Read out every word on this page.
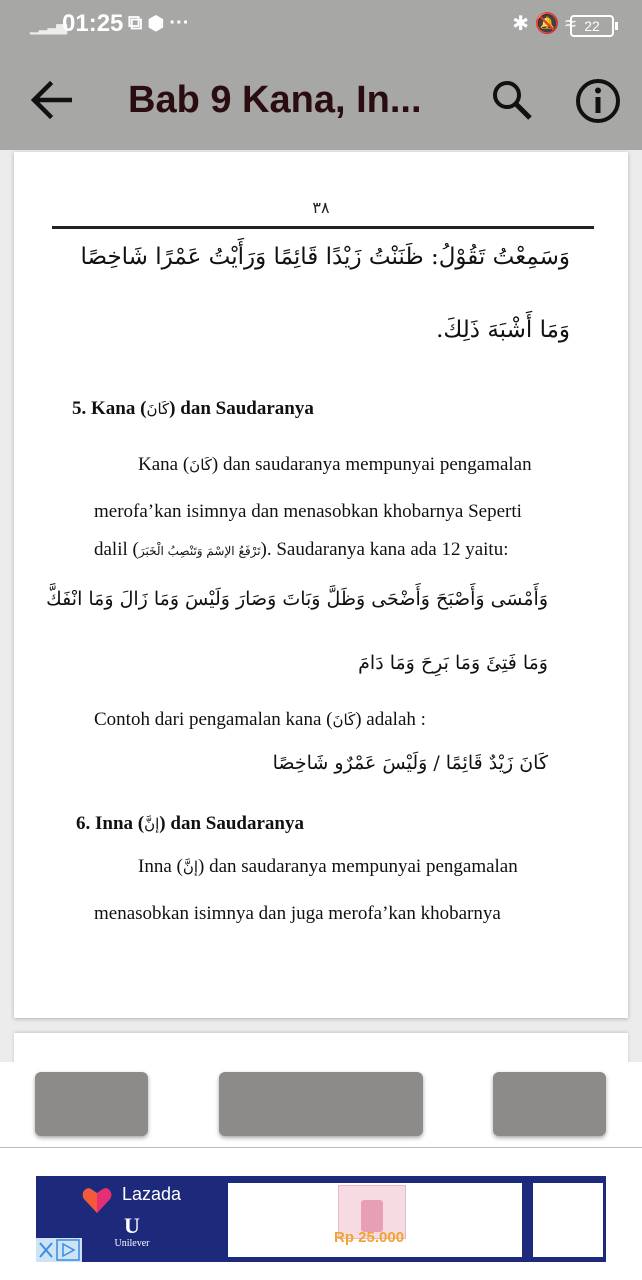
▁▂▃▅
01:25 ⧉ ⬢ ···	✱ 🔕 ≈ 22
Bab 9 Kana, In...
٣٨
وَسَمِعْتُ تَقُوْلُ: ظَنَنْتُ زَيْدًا قَائِمًا وَرَأَيْتُ عَمْرًا شَاخِصًا
وَمَا أَشْبَهَ ذَلِكَ.
5. Kana (كَانَ) dan Saudaranya
Kana (كَانَ) dan saudaranya mempunyai pengamalan
merofa’kan isimnya dan menasobkan khobarnya Seperti
dalil (تَرْفَعُ الإسْمَ وَتَنْصِبُ الْخَبَرَ). Saudaranya kana ada 12 yaitu:
وَأَمْسَى وَأَصْبَحَ وَأَضْحَى وَظَلَّ وَبَاتَ وَصَارَ وَلَيْسَ وَمَا زَالَ وَمَا انْفَكَّ
وَمَا فَتِئَ وَمَا بَرِحَ وَمَا دَامَ
Contoh dari pengamalan kana (كَانَ) adalah :
كَانَ زَيْدٌ قَائِمًا / وَلَيْسَ عَمْرٌو شَاخِصًا
6. Inna (إنَّ) dan Saudaranya
Inna (إنَّ) dan saudaranya mempunyai pengamalan
menasobkan isimnya dan juga merofa’kan khobarnya
Lazada
U
Unilever	Rp 25.000
